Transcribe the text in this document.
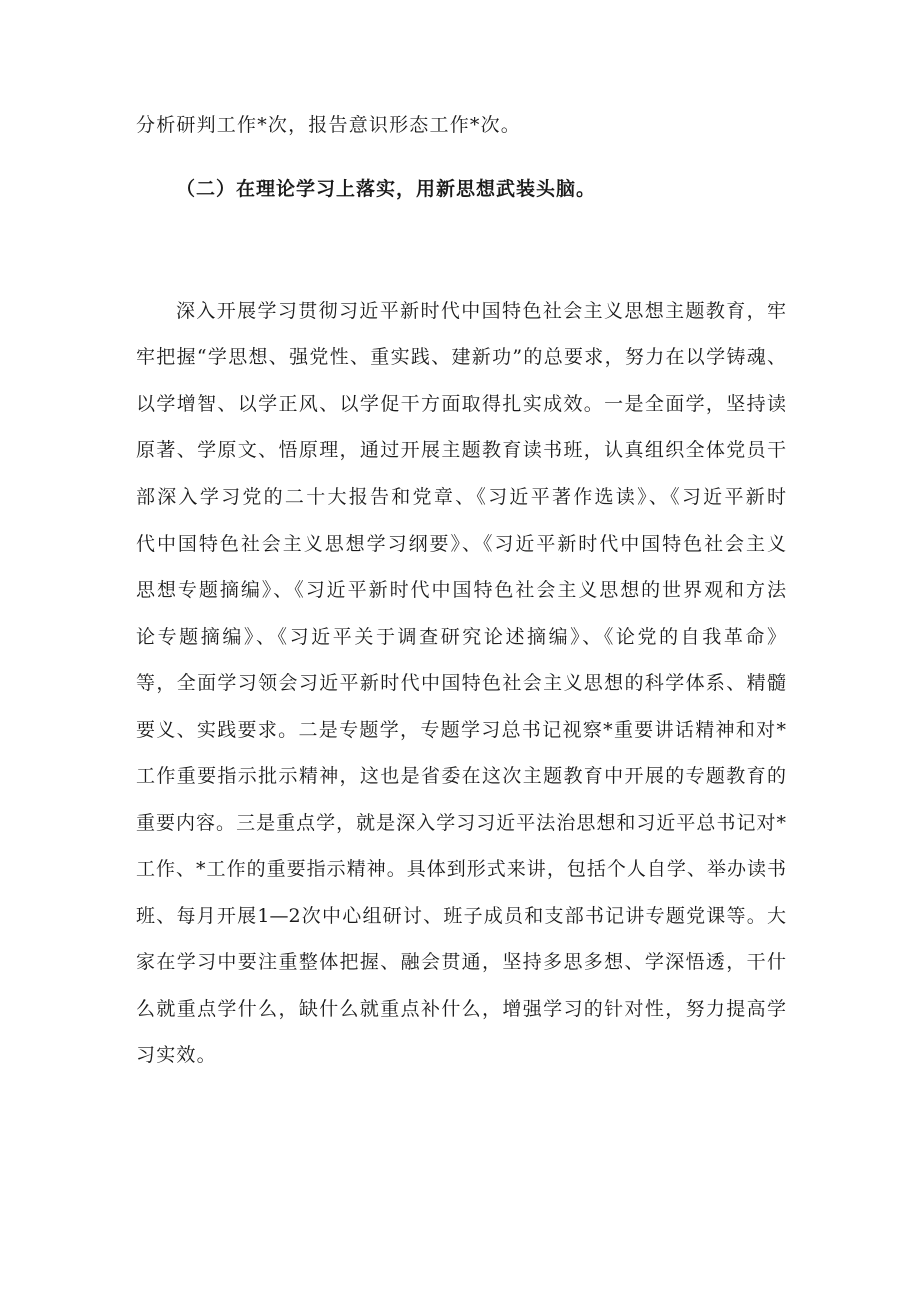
分析研判工作*次，报告意识形态工作*次。
（二）在理论学习上落实，用新思想武装头脑。
深入开展学习贯彻习近平新时代中国特色社会主义思想主题教育，牢
牢把握“学思想、强党性、重实践、建新功”的总要求，努力在以学铸魂、
以学增智、以学正风、以学促干方面取得扎实成效。一是全面学，坚持读
原著、学原文、悟原理，通过开展主题教育读书班，认真组织全体党员干
部深入学习党的二十大报告和党章、《习近平著作选读》、《习近平新时
代中国特色社会主义思想学习纲要》、《习近平新时代中国特色社会主义
思想专题摘编》、《习近平新时代中国特色社会主义思想的世界观和方法
论专题摘编》、《习近平关于调查研究论述摘编》、《论党的自我革命》
等，全面学习领会习近平新时代中国特色社会主义思想的科学体系、精髓
要义、实践要求。二是专题学，专题学习总书记视察*重要讲话精神和对*
工作重要指示批示精神，这也是省委在这次主题教育中开展的专题教育的
重要内容。三是重点学，就是深入学习习近平法治思想和习近平总书记对*
工作、*工作的重要指示精神。具体到形式来讲，包括个人自学、举办读书
班、每月开展1—2次中心组研讨、班子成员和支部书记讲专题党课等。大
家在学习中要注重整体把握、融会贯通，坚持多思多想、学深悟透，干什
么就重点学什么，缺什么就重点补什么，增强学习的针对性，努力提高学
习实效。
